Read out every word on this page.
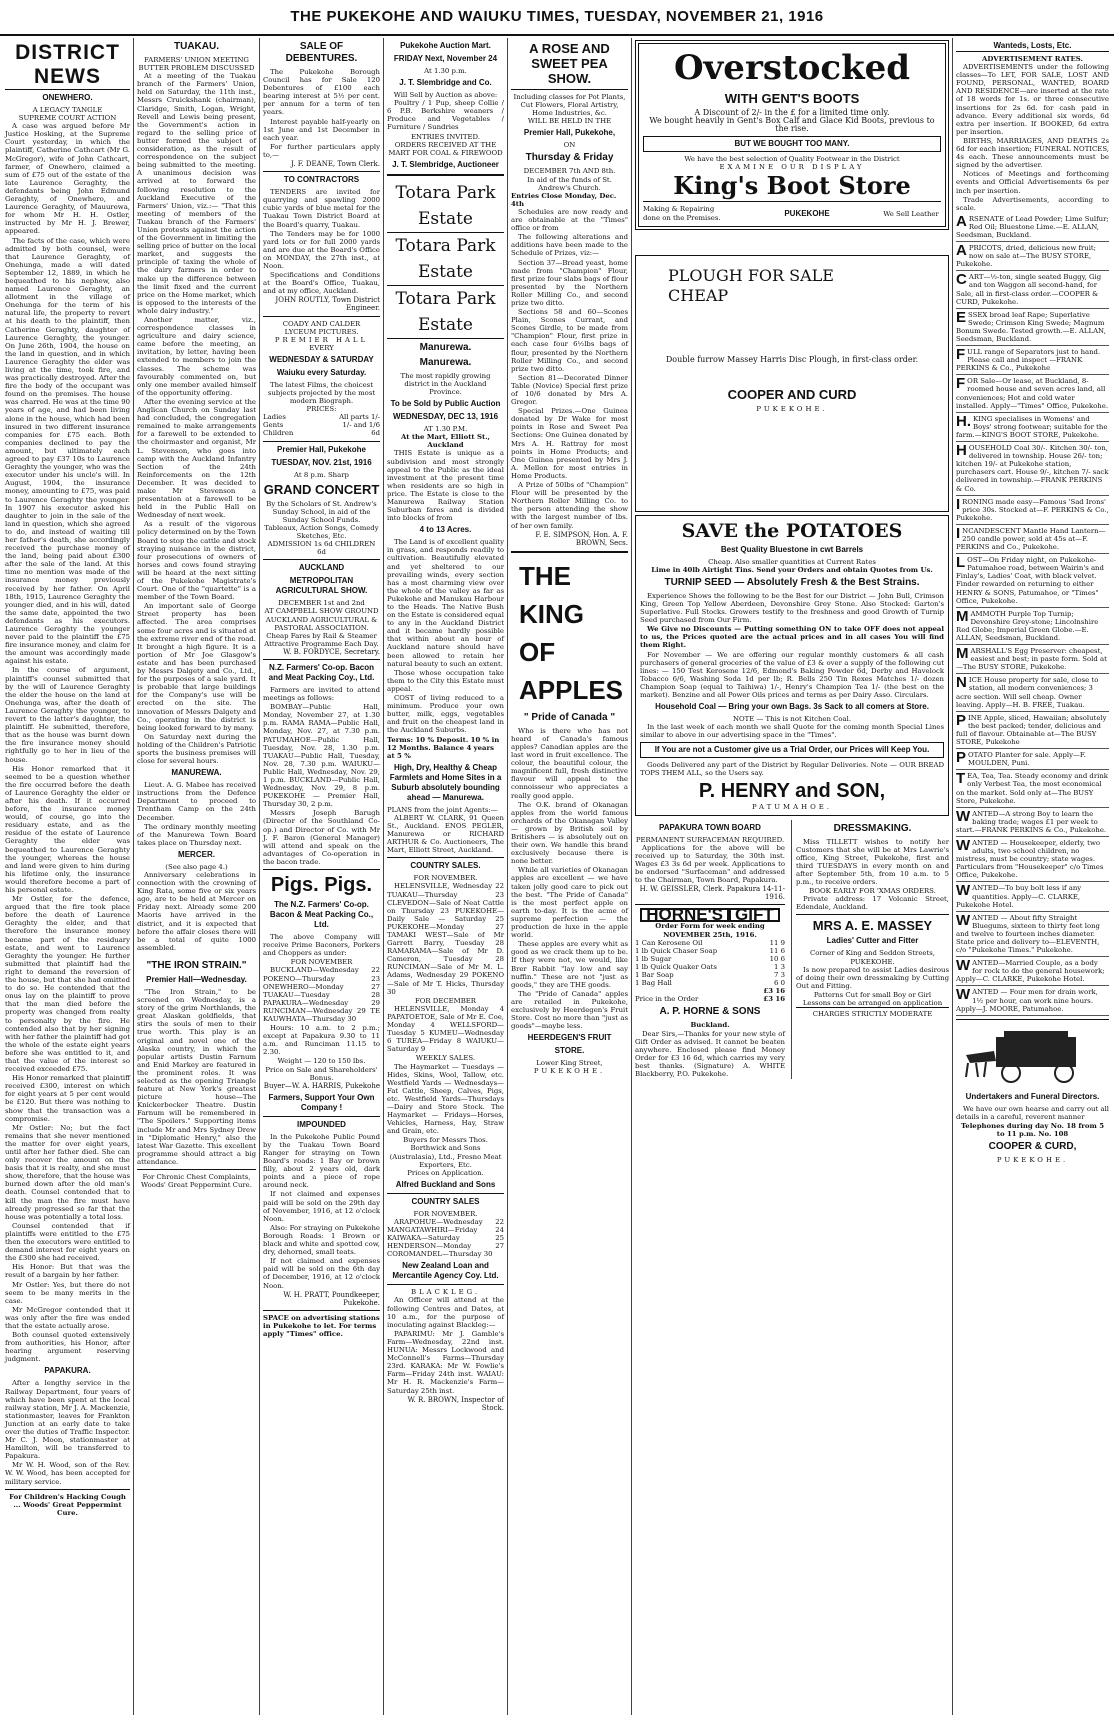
THE PUKEKOHE AND WAIUKU TIMES, TUESDAY, NOVEMBER 21, 1916
DISTRICT NEWS
ONEWHERO.
A LEGACY TANGLE
SUPREME COURT ACTION

A case was argued before Mr Justice Hosking, at the Supreme Court yesterday, in which the plaintiff, Catherine Cathcart (Mr G. McGregor), wife of John Cathcart, farmer, of Onewhero, claimed a sum of £75 out of the estate of the late Laurence Geraghty, the defendants being John Edmund Geraghty, of Onewhero, and Laurence Geraghty, of Mauurewa, for whom Mr H. H. Ostler, instructed by Mr H. J. Brewer, appeared.

The facts of the case, which were admitted by both counsel, were that Laurence Geraghty, of Onehunga, made a will dated September 12, 1889, in which he bequeathed to his nephew, also named Laurence Geraghty, an allotment in the village of Onehunga for the term of his natural life, the property to revert at his death to the plaintiff, then Catherine Geraghty, daughter of Laurence Geraghty, the younger. On June 26th, 1904, the house on the land in question, and in which Laurence Geraghty the elder was living at the time, took fire, and was practically destroyed. After the fire the body of the occupant was found on the premises. The house was charred. He was at the time 90 years of age, and had been living alone in the house, which had been insured in two different insurance companies for £75 each. Both companies declined to pay the amount, but ultimately each agreed to pay £37 10s to Laurence Geraghty the younger, who was the executor under his uncle's will. In August, 1904, the insurance money, amounting to £75, was paid to Laurence Geraghty the younger. In 1907 his executor asked his daughter to join in the sale of the land in question, which she agreed to do, and instead of waiting till her father's death, she accordingly received the purchase money of the land, being paid about £300 after the sale of the land. At this time no mention was made of the insurance money previously received by her father. On April 18th, 1915, Laurence Geraghty the younger died, and in his will, dated the same date, appointed the two defendants as his executors. Laurence Geraghty the younger never paid to the plaintiff the £75 fire insurance money, and claim for the amount was accordingly made against his estate.

In the course of argument, plaintiff's counsel submitted that by the will of Laurence Geraghty the elder the house on the land at Onehunga was, after the death of Laurence Geraghty the younger, to revert to the latter's daughter, the plaintiff. He submitted, therefore, that as the house was burnt down the fire insurance money should rightfully go to her in lieu of the house.

His Honor remarked that it seemed to be a question whether the fire occurred before the death of Laurence Geraghty the elder or after his death. If it occurred before, the insurance money would, of course, go into the residuary estate, and as the residue of the estate of Laurence Geraghty the elder was bequeathed to Laurence Geraghty the younger, whereas the house and land were given to him during his lifetime only, the insurance would therefore become a part of his personal estate.

Mr Ostler, for the defence, argued that the fire took place before the death of Laurence Geraghty the elder, and that therefore the insurance money became part of the residuary estate, and went to Laurence Geraghty the younger. He further submitted that plaintiff had the right to demand the reversion of the house, but that she had omitted to do so. He contended that the onus lay on the plaintiff to prove that the man died before the property was changed from realty to personalty by the fire. He contended also that by her signing with her father the plaintiff had got the whole of the estate eight years before she was entitled to it, and that the value of the interest so received exceeded £75.

His Honor remarked that plaintiff received £300, interest on which for eight years at 5 per cent would be £120. But there was nothing to show that the transaction was a compromise.

Mr Ostler: No; but the fact remains that she never mentioned the matter for over eight years, until after her father died. She can only recover the amount on the basis that it is realty, and she must show, therefore, that the house was burned down after the old man's death. Counsel contended that to kill the man the fire must have already progressed so far that the house was potentially a total loss.

Counsel contended that if plaintiffs were entitled to the £75 then the executors were entitled to demand interest for eight years on the £300 she had received.

His Honor: But that was the result of a bargain by her father.

Mr Ostler: Yes, but there do not seem to be many merits in the case.

Mr McGregor contended that it was only after the fire was ended that the estate actually arose.

Both counsel quoted extensively from authorities, his Honor, after hearing argument reserving judgment.

PAPAKURA.

After a lengthy service in the Railway Department, four years of which have been spent at the local railway station, Mr J. A. Mackenzie, stationmaster, leaves for Frankton Junction at an early date to take over the duties of Traffic Inspector. Mr C. J. Moon, stationmaster at Hamilton, will be transferred to Papakura.

Mr W. H. Wood, son of the Rev. W. W. Wood, has been accepted for military service.

For Children's Hacking Cough ... Woods' Great Peppermint Cure.
TUAKAU.
FARMERS' UNION MEETING
BUTTER PROBLEM DISCUSSED

At a meeting of the Tuakau branch of the Farmers' Union, held on Saturday, the 11th inst., Messrs Cruickshank (chairman), Claridge, Smith, Logan, Wright, Revell and Lewis being present, the Government's action in regard to the selling price of butter formed the subject of consideration, as the result of correspondence on the subject being submitted to the meeting. A unanimous decision was arrived at to forward the following resolution to the Auckland Executive of the Farmers' Union, viz.:— "That this meeting of members of the Tuakau branch of the Farmers' Union protests against the action of the Government in limiting the selling price of butter on the local market, and suggests the principle of taxing the whole of the dairy farmers in order to make up the difference between the limit fixed and the current price on the Home market, which is opposed to the interests of the whole dairy industry."

Another matter, viz., correspondence classes in agriculture and dairy science, came before the meeting, an invitation, by letter, having been extended to members to join the classes. The scheme was favourably commented on, but only one member availed himself of the opportunity offering.

After the evening service at the Anglican Church on Sunday last had concluded, the congregation remained to make arrangements for a farewell to be extended to the choirmaster and organist, Mr L. Stevenson, who goes into camp with the Auckland Infantry Section of the 24th Reinforcements on the 12th December. It was decided to make Mr Stevenson a presentation at a farewell to be held in the Public Hall on Wednesday of next week.

As a result of the vigorous policy determined on by the Town Board to stop the cattle and stock straying nuisance in the district, four prosecutions of owners of horses and cows found straying will be heard at the next sitting of the Pukekohe Magistrate's Court. One of the "quartette" is a member of the Town Board.

An important sale of George Street property has been affected. The area comprises some four acres and is situated at the extreme river end of the road. It brought a high figure. It is a portion of Mr Joe Glasgow's estate and has been purchased by Messrs Dalgety and Co., Ltd., for the purposes of a sale yard. It is probable that large buildings for the Company's use will be erected on the site. The innovation of Messrs Dalgety and Co., operating in the district is being looked forward to by many.

On Saturday next during the holding of the Children's Patriotic sports the business premises will close for several hours.

MANUREWA.

Lieut. A. G. Mabee has received instructions from the Defence Department to proceed to Trentham Camp on the 24th December.

The ordinary monthly meeting of the Manurewa Town Board takes place on Thursday next.

MERCER.
(See also page 4.)

Anniversary celebrations in connection with the crowning of King Rata, some five or six years ago, are to be held at Mercer on Friday next. Already some 200 Maoris have arrived in the district, and it is expected that before the affair closes there will be a total of quite 1000 assembled.

"THE IRON STRAIN."
Premier Hall—Wednesday.

"The Iron Strain," to be screened on Wednesday, is a story of the grim Northlands, the great Alaskan goldfields, that stirs the souls of men to their true worth. This play is an original and novel one of the Alaska country, in which the popular artists Dustin Farnum and Enid Markey are featured in the prominent roles. It was selected as the opening Triangle feature at New York's greatest picture house—The Knickerbocker Theatre. Dustin Farnum will be remembered in "The Spoilers." Supporting items include Mr and Mrs Sydney Drew in "Diplomatic Henry," also the latest War Gazette. This excellent programme should attract a big attendance.

For Chronic Chest Complaints, Woods' Great Peppermint Cure.
SALE OF DEBENTURES.

The Pukekohe Borough Council has for Sale 120 Debentures of £100 each bearing interest at 5½ per cent. per annum for a term of ten years.

Interest payable half-yearly on 1st June and 1st December in each year.

For further particulars apply to,—

J. F. DEANE, Town Clerk.
TO CONTRACTORS

TENDERS are invited for quarrying and spawling 2000 cubic yards of blue metal for the Tuakau Town District Board at the Board's quarry, Tuakau.

The Tenders may be for 1000 yard lots or for full 2000 yards and are due at the Board's Office on MONDAY, the 27th inst., at Noon.

Specifications and Conditions at the Board's Office, Tuakau, and at my office, Auckland.

JOHN ROUTLY, Town District Engineer.
COADY AND CALDER
LYCEUM PICTURES.
PREMIER HALL
EVERY
WEDNESDAY & SATURDAY
Waiuku every Saturday.
The latest Films, the choicest subjects projected by the most modern Biograph.
PRICES:
Ladies	All parts 1/-
Gents	1/- and 1/6
Children	6d
Premier Hall, Pukekohe
TUESDAY, NOV. 21st, 1916
At 8 p.m. Sharp
GRAND CONCERT
By the Scholars of St. Andrew's Sunday School, in aid of the Sunday School Funds.
Tableaux, Action Songs, Comedy Sketches, Etc.
ADMISSION 1s 6d CHILDREN 6d
AUCKLAND
METROPOLITAN AGRICULTURAL SHOW.
DECEMBER 1st and 2nd
AT CAMPBELL SHOW GROUND
AUCKLAND AGRICULTURAL & PASTORAL ASSOCIATION.
Cheap Fares by Rail & Steamer
Attractive Programme Each Day.
W. B. FORDYCE, Secretary.
N.Z. Farmers' Co-op. Bacon and Meat Packing Coy., Ltd.

Farmers are invited to attend meetings as follows:

BOMBAY—Public Hall, Monday, November 27, at 1.30 p.m. RAMA RAMA—Public Hall, Monday, Nov. 27, at 7.30 p.m. PATUMAHOE—Public Hall, Tuesday, Nov. 28, 1.30 p.m. TUAKAU—Public Hall, Tuesday, Nov. 28, 7.30 p.m. WAIUKU—Public Hall, Wednesday, Nov. 29, 1 p.m. BUCKLAND—Public Hall, Wednesday, Nov. 29, 8 p.m. PUKEKOHE — Premier Hall, Thursday 30, 2 p.m.

Messrs Joseph Barugh (Director of the Southland Co-op.) and Director of Co. with Mr J. F. Baron (General Manager) will attend and speak on the advantages of Co-operation in the bacon trade.

Pigs. Pigs.
The N.Z. Farmers' Co-op. Bacon & Meat Packing Co., Ltd.

The above Company will receive Prime Baconers, Porkers and Choppers as under:

FOR NOVEMBER

BUCKLAND—Wednesday 22 POKENO—Thursday 23 ONEWHERO—Monday 27 TUAKAU—Tuesday 28 PAPAKURA—Wednesday 29 RUNCIMAN—Wednesday 29 TE KAUWHATA—Thursday 30

Hours: 10 a.m. to 2 p.m.; except at Papakura 9.30 to 11 a.m. and Runciman 11.15 to 2.30.

Weight — 120 to 150 lbs.
Price on Sale and Shareholders' Bonus.
Buyer—W. A. HARRIS, Pukekohe
Farmers, Support Your Own Company !
IMPOUNDED

In the Pukekohe Public Pound by the Tuakau Town Board Ranger for straying on Town Board's roads: 1 Bay or brown filly, about 2 years old, dark points and a piece of rope around neck.

If not claimed and expenses paid will be sold on the 29th day of November, 1916, at 12 o'clock Noon.

Also: For straying on Pukekohe Borough Roads: 1 Brown or black and white and spotted cow, dry, dehorned, small teats.

If not claimed and expenses paid will be sold on the 6th day of December, 1916, at 12 o'clock Noon.

W. H. PRATT, Poundkeeper, Pukekohe.
SPACE on advertising stations in Pukekohe to let. For terms apply "Times" office.
Pukekohe Auction Mart.
FRIDAY Next, November 24
At 1.30 p.m.
J. T. Slembridge and Co.
Will Sell by Auction as above:

Poultry / 1 Pup, sheep Collie / 6 P.B. Berkshire weaners / Produce and Vegetables / Furniture / Sundries

ENTRIES INVITED.
ORDERS RECEIVED AT THE MART FOR COAL & FIREWOOD
J. T. Slembridge, Auctioneer
Totara Park Estate
Totara Park Estate
Totara Park Estate
Manurewa.
Manurewa.
The most rapidly growing district in the Auckland Province.
To be Sold by Public Auction
WEDNESDAY, DEC 13, 1916
AT 1.30 P.M.
At the Mart, Elliott St., Auckland

THIS Estate is unique as a subdivision and most strongly appeal to the Public as the ideal investment at the present time when residents are so high in price. The Estate is close to the Manurewa Railway Station Suburban fares and is divided into blocks of from

4 to 13 Acres.

The Land is of excellent quality in grass, and responds readily to cultivation. Beautifully elevated and yet sheltered to our prevailing winds, every section has a most charming view over the whole of the valley as far as Pukekohe and Manukau Harbour to the Heads. The Native Bush on the Estate is considered equal to any in the Auckland District and it became hardly possible that within about an hour of Auckland nature should have been allowed to retain her natural beauty to such an extent.

Those whose occupation take them to the City this Estate must appeal.

COST of living reduced to a minimum. Produce your own butter, milk, eggs, vegetables and fruit on the cheapest land in the Auckland Suburbs.

Terms: 10 % Deposit. 10 % in 12 Months. Balance 4 years at 5 %
High, Dry, Healthy & Cheap Farmlets and Home Sites in a Suburb absolutely bounding ahead — Manurewa.
PLANS from the joint Agents:—

ALBERT W. CLARK, 91 Queen St., Auckland. ENOS PEGLER, Manurewa or RICHARD ARTHUR & Co. Auctioneers, The Mart, Elliott Street, Auckland.

COUNTRY SALES.
FOR NOVEMBER.

HELENSVILLE, Wednesday 22 TUAKAU—Thursday 23 CLEVEDON—Sale of Neat Cattle on Thursday 23 PUKEKOHE—Daily Sale — Saturday 25 PUKEKOHE—Monday 27 TAMAKI WEST—Sale of Mr Garrett Barry, Tuesday 28 RAMARAMA—Sale of Mr D. Cameron, Tuesday 28 RUNCIMAN—Sale of Mr M. L. Adams, Wednesday 29 POKENO—Sale of Mr T. Hicks, Thursday 30

FOR DECEMBER

HELENSVILLE, Monday 4 PAPATOETOE, Sale of Mr E. Coe, Monday 4 WELLSFORD—Tuesday 5 KUMEU—Wednesday 6 TUREA—Friday 8 WAIUKU—Saturday 9

WEEKLY SALES.

The Haymarket — Tuesdays — Hides, Skins, Wool, Tallow, etc. Westfield Yards — Wednesdays—Fat Cattle, Sheep, Calves, Pigs, etc. Westfield Yards—Thursdays—Dairy and Store Stock. The Haymarket — Fridays—Horses, Vehicles, Harness, Hay, Straw and Grain, etc.

Buyers for Messrs Thos. Borthwick and Sons (Australasia), Ltd., Fresno Meat Exporters, Etc.
Prices on Application.
Alfred Buckland and Sons
COUNTRY SALES
FOR NOVEMBER.

ARAPOHUE—Wednesday 22 MANGATAWHIRI—Friday 24 KAIWAKA—Saturday 25 HENDERSON—Monday 27 COROMANDEL—Thursday 30

New Zealand Loan and Mercantile Agency Coy. Ltd.
BLACKLEG.

An Officer will attend at the following Centres and Dates, at 10 a.m., for the purpose of inoculating against Blackleg:—

PAPARIMU: Mr J. Gamble's Farm—Wednesday, 22nd inst. HUNUA: Messrs Lockwood and McConnell's Farms—Thursday 23rd. KARAKA: Mr W. Fowlie's Farm—Friday 24th inst. WAIAU: Mr H. R. Mackenzie's Farm—Saturday 25th inst.

W. R. BROWN, Inspector of Stock.
A ROSE AND SWEET PEA SHOW.
Including classes for Pot Plants, Cut Flowers, Floral Artistry, Home Industries, &c.
WILL BE HELD IN THE
Premier Hall, Pukekohe,
ON
Thursday & Friday
DECEMBER 7th AND 8th.
In aid of the funds of St. Andrew's Church.
Entries Close Monday, Dec. 4th

Schedules are now ready and are obtainable at the "Times" office or from

The following alterations and additions have been made to the Schedule of Prizes, viz:—

Section 37—Bread yeast, home made from "Champion" Flour, first prize four slabs bags of flour presented by the Northern Roller Milling Co., and second prize two ditto.

Sections 58 and 60—Scones Plain, Scones Currant, and Scones Girdle, to be made from "Champion" Flour, first prize in each case four 6½lbs bags of flour, presented by the Northern Roller Milling Co., and second prize two ditto.

Section 81—Decorated Dinner Table (Novice) Special first prize of 10/6 donated by Mrs A. Gregor.

Special Prizes.—One Guinea donated by Dr Wake for most points in Rose and Sweet Pea Sections: One Guinea donated by Mrs A. H. Rattray for most points in Home Products; and One Guinea presented by Mrs J. A. Mellon for most entries in Home Products.

A Prize of 50lbs of "Champion" Flour will be presented by the Northern Roller Milling Co. to the person attending the show with the largest number of lbs. of her own family.

F. E. SIMPSON, Hon. A. F. BROWN, Secs.
THE
KING
OF
APPLES
" Pride of Canada "

Who is there who has not heard of Canada's famous apples? Canadian apples are the last word in fruit excellence. The colour, the beautiful colour, the magnificent full, fresh distinctive flavour will appeal to the connoisseur who appreciates a really good apple.

The O.K. brand of Okanagan apples from the world famous orchards of the Okanagan Valley — grown by British soil by Britishers — is absolutely out on their own. We handle this brand exclusively because there is none better.

While all varieties of Okanagan apples are excellent — we have taken jolly good care to pick out the best. "The Pride of Canada" is the most perfect apple on earth to-day. It is the acme of supreme perfection — the production de luxe in the apple world.

These apples are every whit as good as we crack them up to be. If they were not, we would, like Brer Rabbit "lay low and say nuffin." These are not "just as goods," they are THE goods.

The "Pride of Canada" apples are retailed in Pukekohe, exclusively by Heerdegen's Fruit Store. Cost no more than "just as goods"—maybe less.

HEERDEGEN'S FRUIT
STORE.
Lower King Street,
PUKEKOHE.
Overstocked
WITH GENT'S BOOTS
A Discount of 2/- in the £ for a limited time only.
We bought heavily in Gent's Box Calf and Glace Kid Boots, previous to the rise.
BUT WE BOUGHT TOO MANY.
We have the best selection of Quality Footwear in the District
EXAMINE OUR DISPLAY
King's Boot Store
Making & Repairing done on the Premises.	PUKEKOHE	We Sell Leather
PLOUGH FOR SALE
CHEAP
Double furrow Massey Harris Disc Plough, in first-class order.
COOPER AND CURD
PUKEKOHE.
SAVE the POTATOES
Best Quality Bluestone in cwt Barrels
Cheap. Also smaller quantities at Current Rates
Lime in 40lb Airtight Tins. Send your Orders and obtain Quotes from Us.
TURNIP SEED — Absolutely Fresh & the Best Strains.

Experience Shows the following to be the Best for our District — John Bull, Crimson King, Green Top Yellow Aberdeen, Devonshire Grey Stone. Also Stocked: Garton's Superlative. Full Stocks. Growers testify to the freshness and good Growth of Turnip Seed purchased from Our Firm.

We Give no Discounts — Putting something ON to take OFF does not appeal to us, the Prices quoted are the actual prices and in all cases You will find them Right.

For November — We are offering our regular monthly customers & all cash purchasers of general groceries of the value of £3 & over a supply of the following cut lines: — 150 Test Kerosene 12/6, Edmond's Baking Powder 6d, Derby and Havelock Tobacco 6/6, Washing Soda 1d per lb; R. Bells 250 Tin Rexes Matches 1/- dozen Champion Soap (equal to Taihiwa) 1/-, Henry's Champion Tea 1/- (the best on the market). Benzine and all Power Oils prices and terms as per Dairy Asso. Circulars.

Household Coal — Bring your own Bags. 3s Sack to all comers at Store.
NOTE — This is not Kitchen Coal.

In the last week of each month we shall Quote for the coming month Special Lines similar to above in our advertising space in the "Times".

If You are not a Customer give us a Trial Order, our Prices will Keep You.

Goods Delivered any part of the District by Regular Deliveries. Note — OUR BREAD TOPS THEM ALL, so the Users say.

P. HENRY and SON,
PATUMAHOE.
PAPAKURA TOWN BOARD
PERMANENT SURFACEMAN REQUIRED.

Applications for the above will be received up to Saturday, the 30th inst. Wages £3 3s 6d per week. Applications to be endorsed "Surfaceman" and addressed to the Chairman, Town Board, Papakura.

H. W. GEISSLER, Clerk. Papakura 14-11-1916.
HORNE'S GIFT
Order Form for week ending NOVEMBER 25th, 1916.
1 Can Kerosene Oil	11 9
1 lb Quick Chaser Soap	11 6
1 lb Sugar	10 6
1 lb Quick Quaker Oats	1 3
1 Bar Soap	7 3
1 Bag Hall	6 0
£3 16
Price in the Order	£3 16
A. P. HORNE & SONS
Buckland.

Dear Sirs,—Thanks for your new style of Gift Order as advised. It cannot be beaten anywhere. Enclosed please find Money Order for £3 16 6d, which carries my very best thanks. (Signature) A. WHITE Blackberry, P.O. Pukekohe.

DRESSMAKING.

Miss TILLETT wishes to notify her Customers that she will be at Mrs Lawrie's office, King Street, Pukekohe, first and third TUESDAYS in every month on and after September 5th, from 10 a.m. to 5 p.m., to receive orders.

BOOK EARLY FOR 'XMAS ORDERS.

Private address: 17 Volcanic Street, Edendale, Auckland.

MRS A. E. MASSEY
Ladies' Cutter and Fitter
Corner of King and Seddon Streets, PUKEKOHE.

Is now prepared to assist Ladies desirous of doing their own dressmaking by Cutting Out and Fitting.

Patterns Cut for small Boy or Girl
Lessons can be arranged on application
CHARGES STRICTLY MODERATE
Wanteds, Losts, Etc.
ADVERTISEMENT RATES.

ADVERTISEMENTS under the following classes—To LET, FOR SALE, LOST AND FOUND, PERSONAL, WANTED, BOARD AND RESIDENCE—are inserted at the rate of 18 words for 1s. or three consecutive insertions for 2s 6d. for cash paid in advance. Every additional six words, 6d extra per insertion. If BOOKED, 6d extra per insertion.

BIRTHS, MARRIAGES, AND DEATHS 2s 6d for each insertion; FUNERAL NOTICES, 4s each. These announcements must be signed by the advertiser.

Notices of Meetings and forthcoming events and Official Advertisements 6s per inch per insertion.

Trade Advertisements, according to scale.

ARSENATE of Lead Powder; Lime Sulfur; Red Oil; Bluestone Lime.—E. ALLAN, Seedsman, Buckland.
APRICOTS, dried, delicious new fruit; now on sale at—The BUSY STORE, Pukekohe.
CART—½-ton, single seated Buggy, Gig and ton Waggon all second-hand, for Sale, all in first-class order.—COOPER & CURD, Pukekohe.
ESSEX broad leaf Rape; Superlative Swede; Crimson King Swede; Magnum Bonum Swede. Tested growth.—E. ALLAN, Seedsman, Buckland.
FULL range of Separators just to hand. Please call and inspect —FRANK PERKINS & Co., Pukekohe
FOR Sale—Or lease, at Buckland, 8-roomed house and seven acres land, all conveniences; Hot and cold water installed. Apply—"Times" Office, Pukekohe.
H. KING specialises in Womens' and Boys' strong footwear; suitable for the farm.—KING'S BOOT STORE, Pukekohe.
HOUSEHOLD Coal 30/-. Kitchen 30/- ton, delivered in township. House 26/- ton; kitchen 19/- at Pukekohe station, purchasers cart. House 9/-, kitchen 7/- sack delivered in township.—FRANK PERKINS & Co.
IRONING made easy—Famous 'Sad Irons' price 30s. Stocked at—F. PERKINS & Co., Pukekohe.
INCANDESCENT Mantle Hand Lantern—250 candle power, sold at 45s at—F. PERKINS and Co., Pukekohe.
LOST—On Friday night, on Pukekohe-Patumahoe road, between Wairin's and Finlay's, Ladies' Coat, with black velvet. Finder rewarded on returning to either HENRY & SONS, Patumahoe, or "Times" Office, Pukekohe.
MAMMOTH Purple Top Turnip; Devonshire Grey-stone; Lincolnshire Red Globe; Imperial Green Globe.—E. ALLAN, Seedsman, Buckland.
MARSHALL'S Egg Preserver: cheapest, easiest and best; in paste form. Sold at—The BUSY STORE, Pukekohe.
NICE House property for sale, close to station, all modern conveniences; 3 acre section. Will sell cheap. Owner leaving. Apply—H. B. FREE, Tuakau.
PINE Apple, sliced, Hawaiian; absolutely the best packed; tender, delicious and full of flavour. Obtainable at—The BUSY STORE, Pukekohe
POTATO Planter for sale. Apply—F. MOULDEN, Puni.
TEA, Tea, Tea. Steady economy and drink only Verbest Tea, the most economical on the market. Sold only at—The BUSY Store, Pukekohe.
WANTED—A strong Boy to learn the baking trade; wages £1 per week to start.—FRANK PERKINS & Co., Pukekohe.
WANTED — Housekeeper, elderly, two adults, two school children, no mistress, must be country; state wages. Particulars from "Housekeeper" c/o Times Office, Pukekohe.
WANTED—To buy bolt less if any quantities. Apply—C. CLARKE, Pukekohe Hotel.
WANTED — About fifty Straight Bluegums, sixteen to thirty feet long and twelve to fourteen inches diameter. State price and delivery to—ELEVENTH, c/o "Pukekohe Times." Pukekohe.
WANTED—Married Couple, as a body for rock to do the general housework; Apply—C. CLARKE, Pukekohe Hotel.
WANTED — Four men for drain work, 1½ per hour, can work nine hours. Apply—J. MOORE, Patumahoe.
Undertakers and Funeral Directors.

We have our own hearse and carry out all details in a careful, reverent manner

Telephones during day No. 18 from 5 to 11 p.m. No. 108
COOPER & CURD,
PUKEKOHE.
